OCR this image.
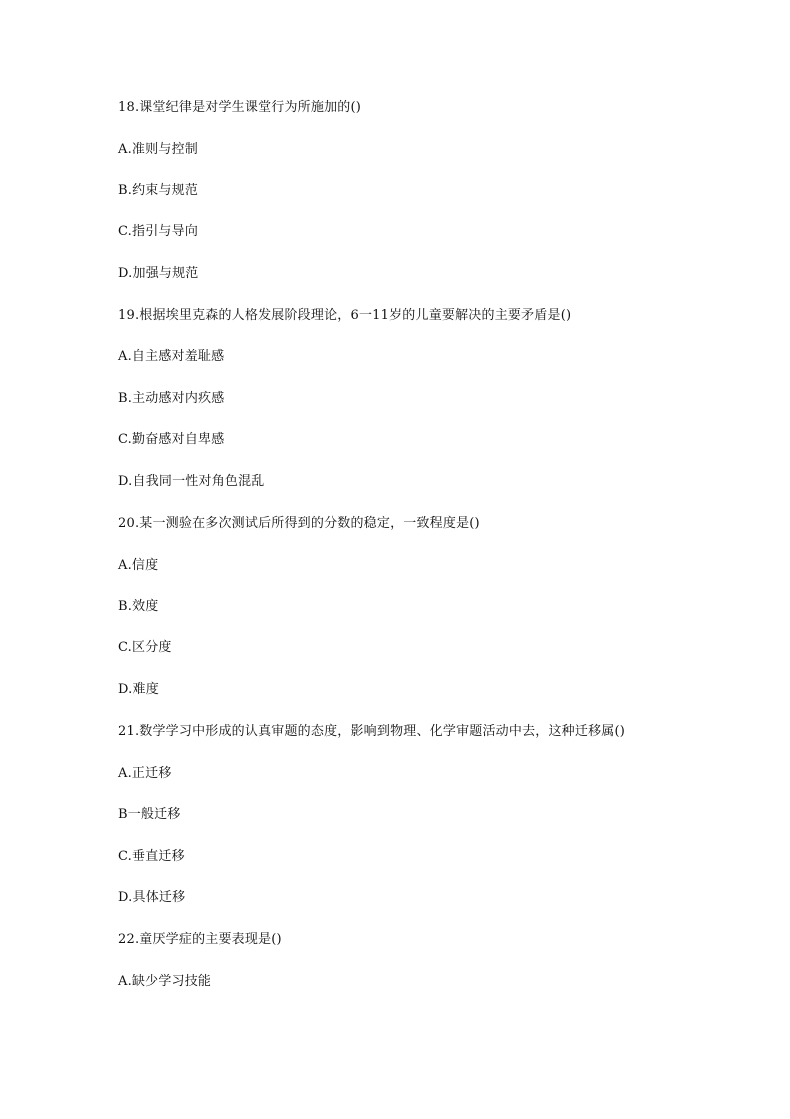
18.课堂纪律是对学生课堂行为所施加的()
A.准则与控制
B.约束与规范
C.指引与导向
D.加强与规范
19.根据埃里克森的人格发展阶段理论，6一11岁的儿童要解决的主要矛盾是()
A.自主感对羞耻感
B.主动感对内疚感
C.勤奋感对自卑感
D.自我同一性对角色混乱
20.某一测验在多次测试后所得到的分数的稳定，一致程度是()
A.信度
B.效度
C.区分度
D.难度
21.数学学习中形成的认真审题的态度，影响到物理、化学审题活动中去，这种迁移属()
A.正迁移
B一般迁移
C.垂直迁移
D.具体迁移
22.童厌学症的主要表现是()
A.缺少学习技能
